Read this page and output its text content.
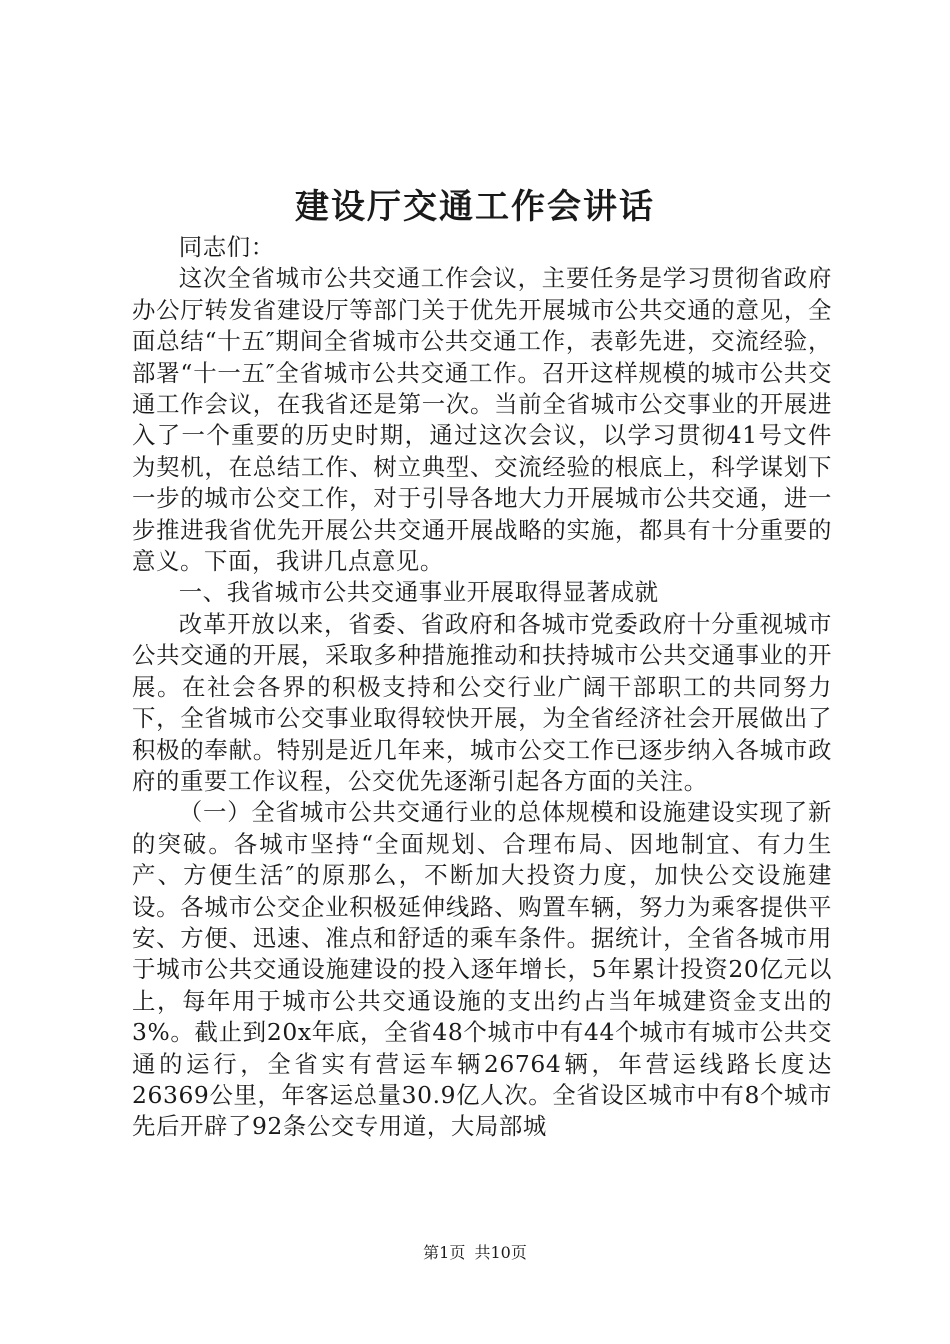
建设厅交通工作会讲话

同志们：

这次全省城市公共交通工作会议，主要任务是学习贯彻省政府办公厅转发省建设厅等部门关于优先开展城市公共交通的意见，全面总结“十五″期间全省城市公共交通工作，表彰先进，交流经验，部署“十一五″全省城市公共交通工作。召开这样规模的城市公共交通工作会议，在我省还是第一次。当前全省城市公交事业的开展进入了一个重要的历史时期，通过这次会议，以学习贯彻41号文件为契机，在总结工作、树立典型、交流经验的根底上，科学谋划下一步的城市公交工作，对于引导各地大力开展城市公共交通，进一步推进我省优先开展公共交通开展战略的实施，都具有十分重要的意义。下面，我讲几点意见。

一、我省城市公共交通事业开展取得显著成就

改革开放以来，省委、省政府和各城市党委政府十分重视城市公共交通的开展，采取多种措施推动和扶持城市公共交通事业的开展。在社会各界的积极支持和公交行业广阔干部职工的共同努力下，全省城市公交事业取得较快开展，为全省经济社会开展做出了积极的奉献。特别是近几年来，城市公交工作已逐步纳入各城市政府的重要工作议程，公交优先逐渐引起各方面的关注。

（一）全省城市公共交通行业的总体规模和设施建设实现了新的突破。各城市坚持“全面规划、合理布局、因地制宜、有力生产、方便生活″的原那么，不断加大投资力度，加快公交设施建设。各城市公交企业积极延伸线路、购置车辆，努力为乘客提供平安、方便、迅速、准点和舒适的乘车条件。据统计，全省各城市用于城市公共交通设施建设的投入逐年增长，5年累计投资20亿元以上，每年用于城市公共交通设施的支出约占当年城建资金支出的3%。截止到20x年底，全省48个城市中有44个城市有城市公共交通的运行，全省实有营运车辆26764辆，年营运线路长度达26369公里，年客运总量30.9亿人次。全省设区城市中有8个城市先后开辟了92条公交专用道，大局部城

第1页 共10页
